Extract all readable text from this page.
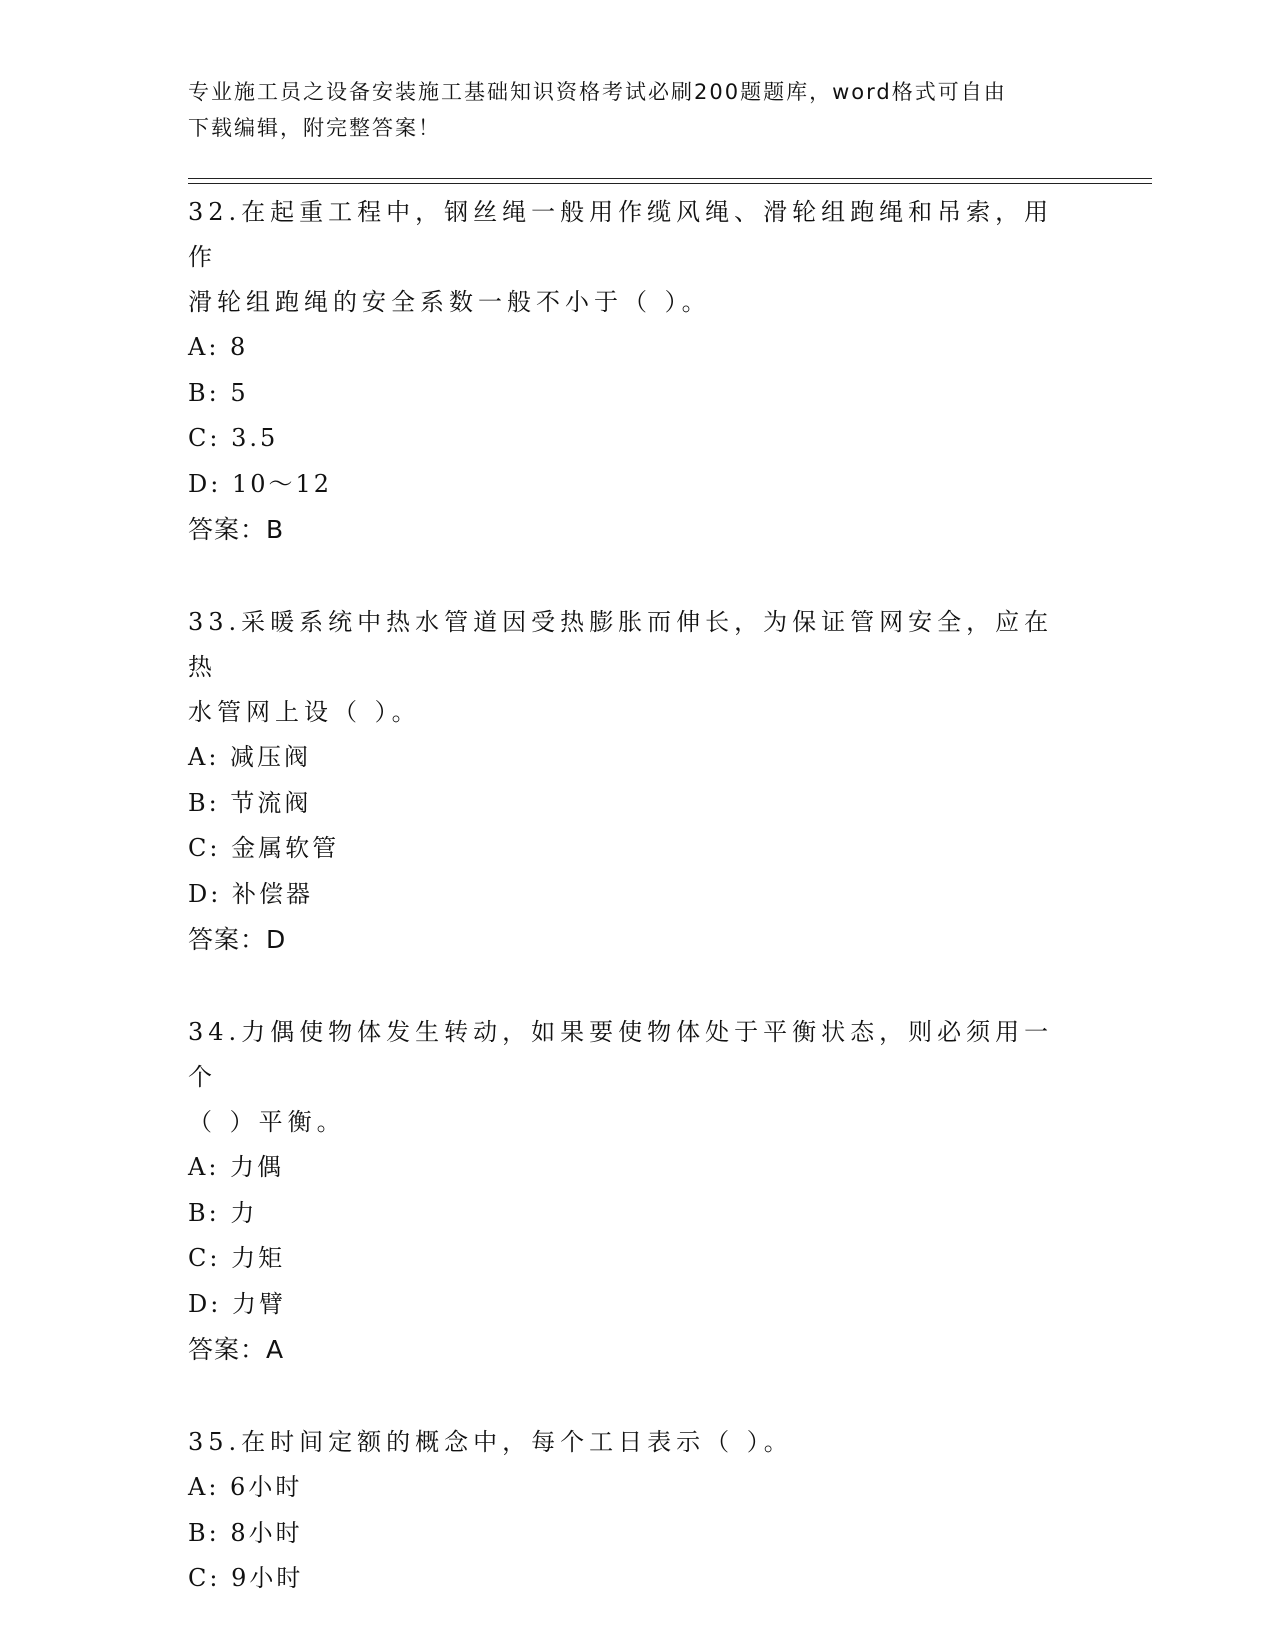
专业施工员之设备安装施工基础知识资格考试必刷200题题库，word格式可自由
下载编辑，附完整答案！
32.在起重工程中，钢丝绳一般用作缆风绳、滑轮组跑绳和吊索，用作
滑轮组跑绳的安全系数一般不小于（ ）。
A: 8
B: 5
C: 3.5
D: 10～12
答案：B
33.采暖系统中热水管道因受热膨胀而伸长，为保证管网安全，应在热
水管网上设（ ）。
A: 减压阀
B: 节流阀
C: 金属软管
D: 补偿器
答案：D
34.力偶使物体发生转动，如果要使物体处于平衡状态，则必须用一个
（ ）平衡。
A: 力偶
B: 力
C: 力矩
D: 力臂
答案：A
35.在时间定额的概念中，每个工日表示（ ）。
A: 6小时
B: 8小时
C: 9小时
